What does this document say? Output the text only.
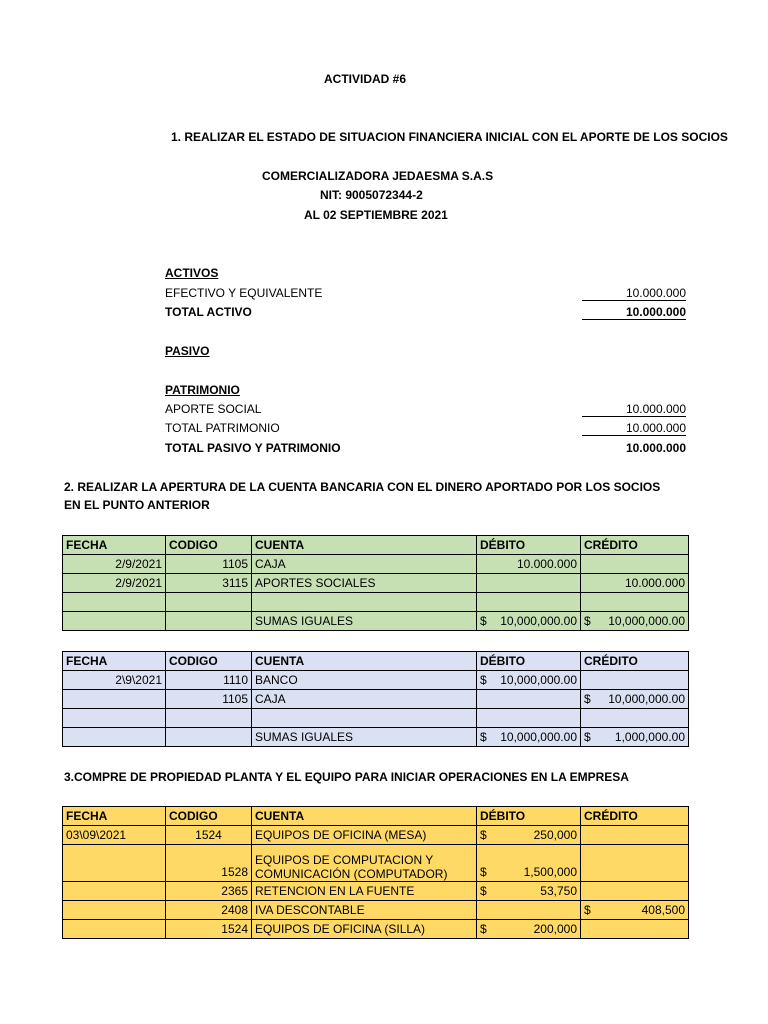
ACTIVIDAD #6
1. REALIZAR EL ESTADO DE SITUACION FINANCIERA INICIAL CON EL APORTE DE LOS SOCIOS
COMERCIALIZADORA JEDAESMA S.A.S
NIT: 9005072344-2
AL 02 SEPTIEMBRE 2021
ACTIVOS
EFECTIVO Y EQUIVALENTE	10.000.000
TOTAL ACTIVO	10.000.000
PASIVO
PATRIMONIO
APORTE SOCIAL	10.000.000
TOTAL PATRIMONIO	10.000.000
TOTAL PASIVO Y PATRIMONIO	10.000.000
2. REALIZAR LA APERTURA DE LA CUENTA BANCARIA CON EL DINERO APORTADO POR LOS SOCIOS
EN EL PUNTO ANTERIOR
FECHA	CODIGO	CUENTA	DÉBITO	CRÉDITO
2/9/2021	1105	CAJA	10.000.000	
2/9/2021	3115	APORTES SOCIALES		10.000.000

		SUMAS IGUALES	$ 10,000,000.00	$ 10,000,000.00
FECHA	CODIGO	CUENTA	DÉBITO	CRÉDITO
2\9\2021	1110	BANCO	$ 10,000,000.00	

	1105	CAJA		$ 10,000,000.00

		SUMAS IGUALES	$ 10,000,000.00	$ 1,000,000.00
3.COMPRE DE PROPIEDAD PLANTA Y EL EQUIPO PARA INICIAR OPERACIONES EN LA EMPRESA
FECHA	CODIGO	CUENTA	DÉBITO	CRÉDITO
03\09\2021	1524	EQUIPOS DE OFICINA (MESA)	$ 250,000	

	1528	EQUIPOS DE COMPUTACION Y COMUNICACIÓN (COMPUTADOR)	$ 1,500,000	

	2365	RETENCION EN LA FUENTE	$ 53,750	

	2408	IVA DESCONTABLE		$ 408,500

	1524	EQUIPOS DE OFICINA (SILLA)	$ 200,000	
